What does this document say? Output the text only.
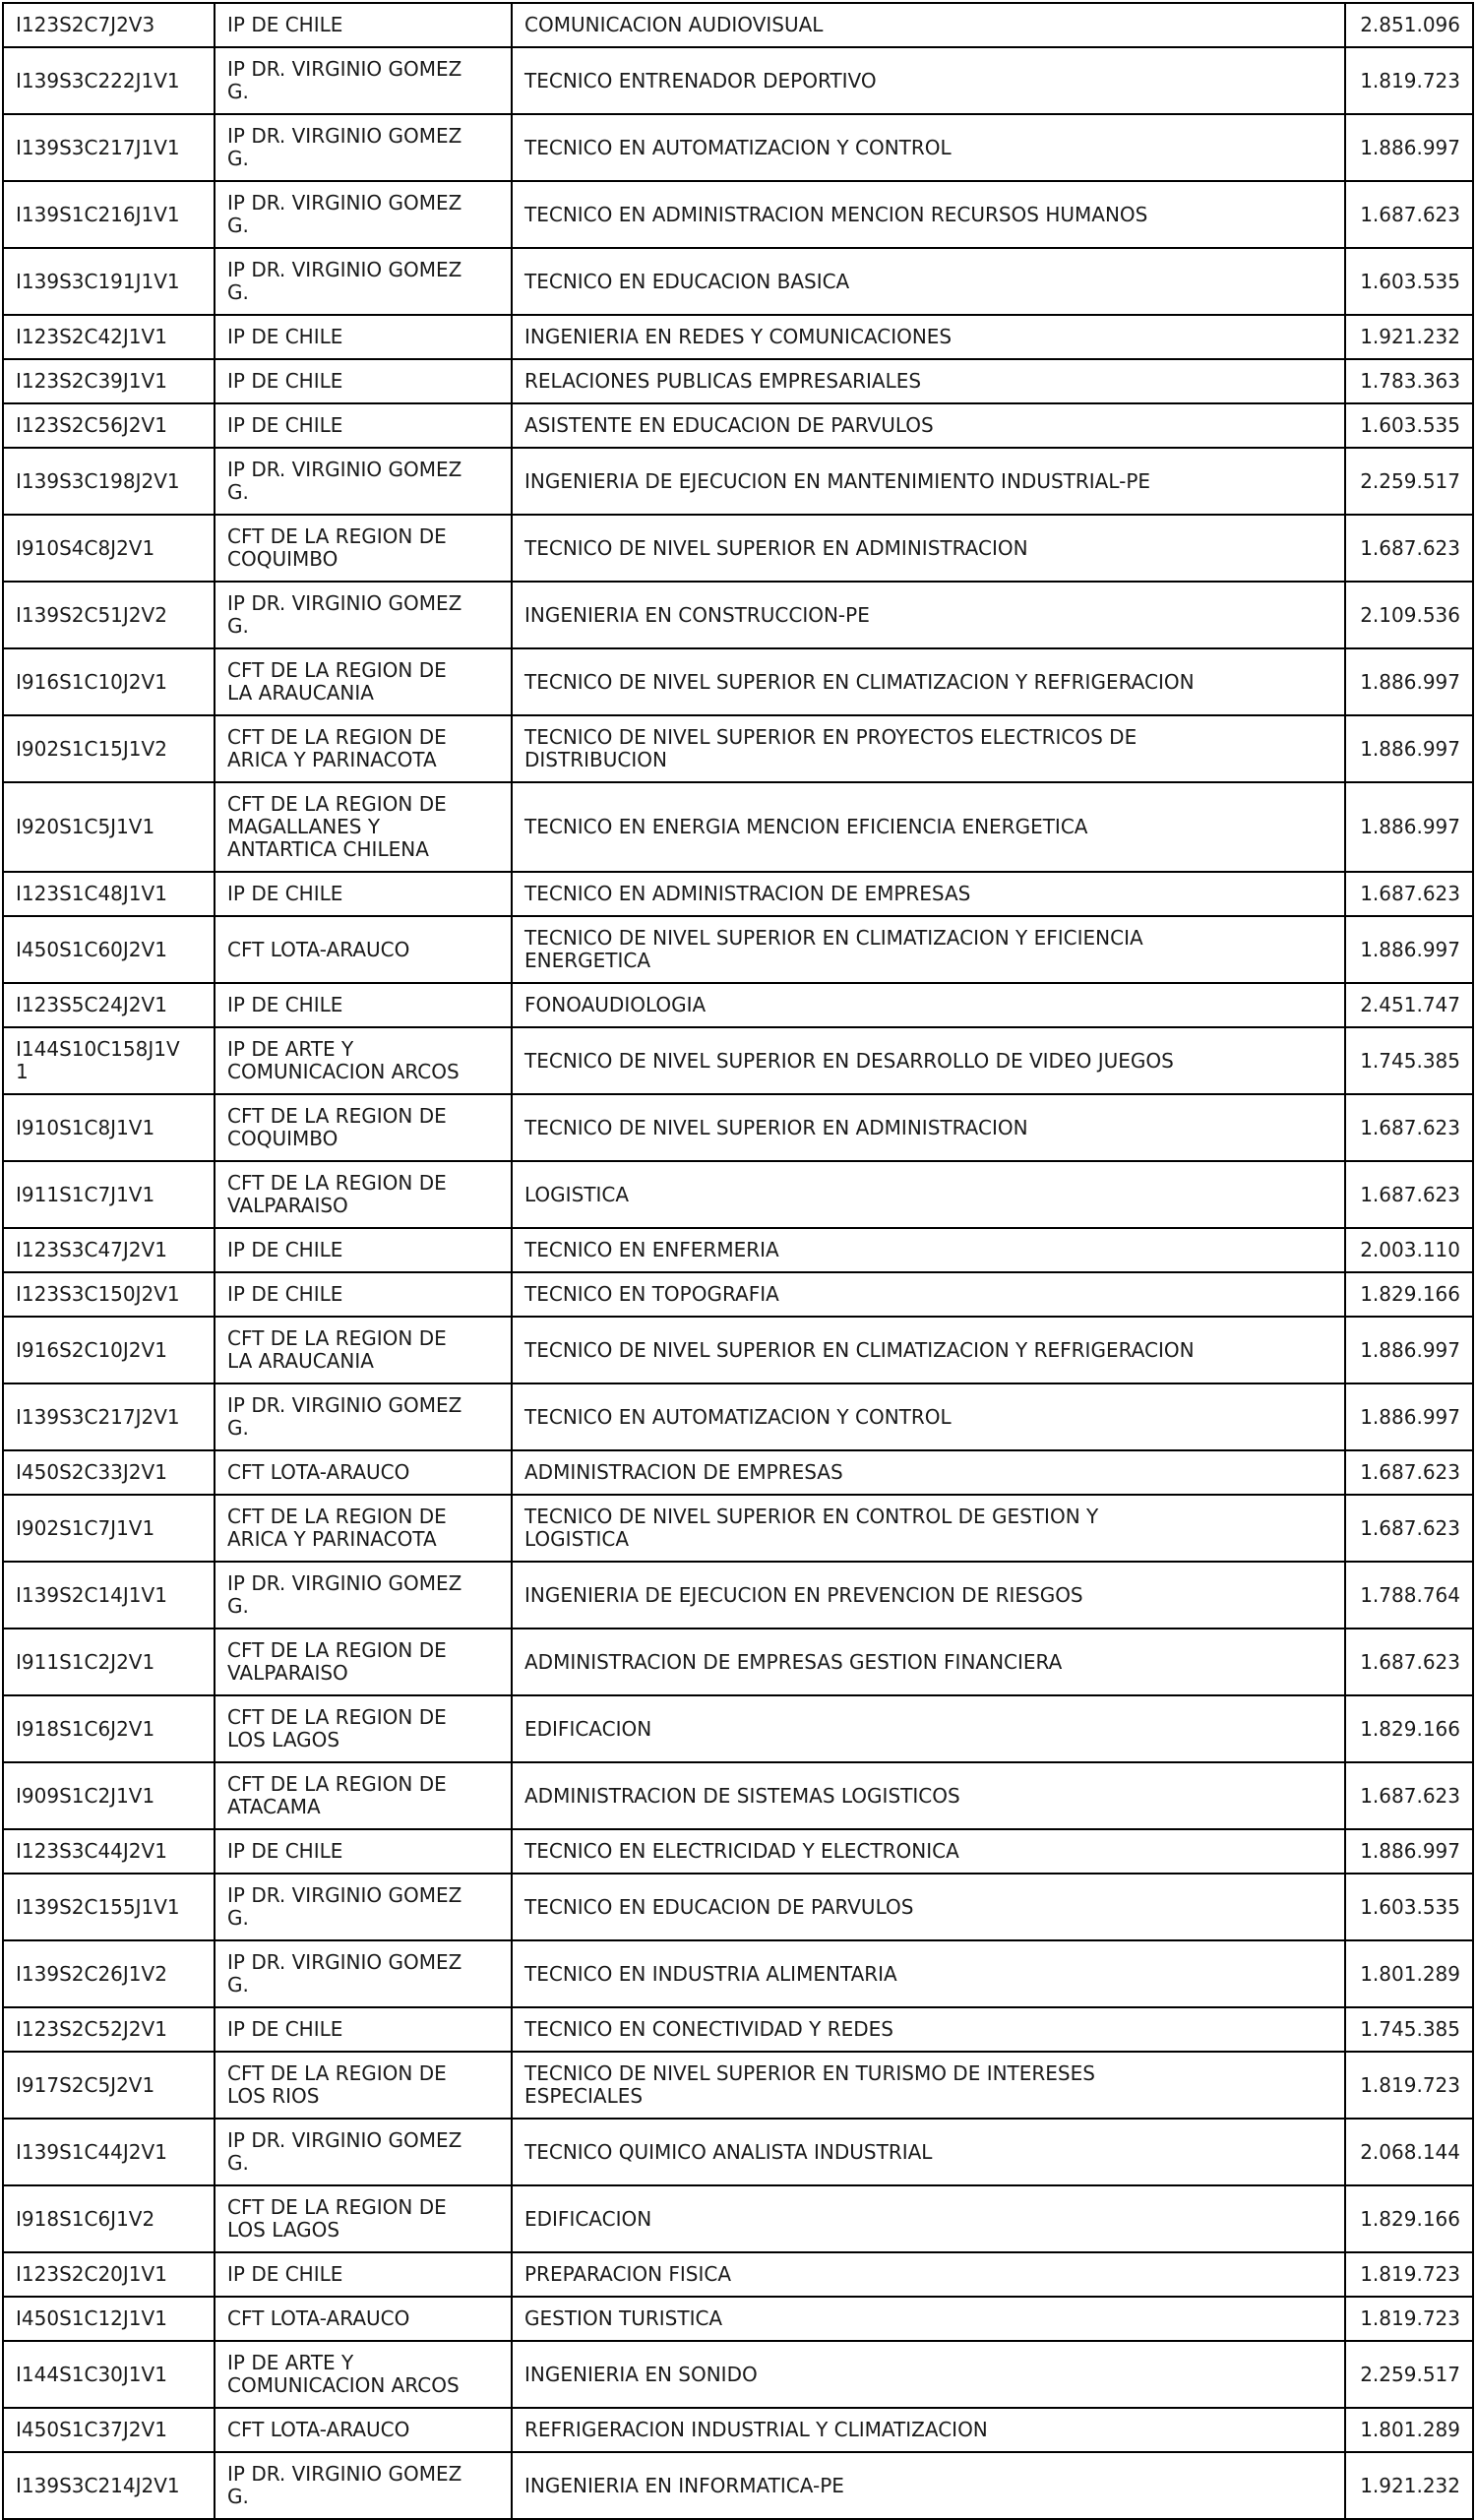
I123S2C7J2V3	IP DE CHILE	COMUNICACION AUDIOVISUAL	2.851.096

I139S3C222J1V1	IP DR. VIRGINIO GOMEZ G.	TECNICO ENTRENADOR DEPORTIVO	1.819.723

I139S3C217J1V1	IP DR. VIRGINIO GOMEZ G.	TECNICO EN AUTOMATIZACION Y CONTROL	1.886.997

I139S1C216J1V1	IP DR. VIRGINIO GOMEZ G.	TECNICO EN ADMINISTRACION MENCION RECURSOS HUMANOS	1.687.623

I139S3C191J1V1	IP DR. VIRGINIO GOMEZ G.	TECNICO EN EDUCACION BASICA	1.603.535

I123S2C42J1V1	IP DE CHILE	INGENIERIA EN REDES Y COMUNICACIONES	1.921.232

I123S2C39J1V1	IP DE CHILE	RELACIONES PUBLICAS EMPRESARIALES	1.783.363

I123S2C56J2V1	IP DE CHILE	ASISTENTE EN EDUCACION DE PARVULOS	1.603.535

I139S3C198J2V1	IP DR. VIRGINIO GOMEZ G.	INGENIERIA DE EJECUCION EN MANTENIMIENTO INDUSTRIAL-PE	2.259.517

I910S4C8J2V1	CFT DE LA REGION DE COQUIMBO	TECNICO DE NIVEL SUPERIOR EN ADMINISTRACION	1.687.623

I139S2C51J2V2	IP DR. VIRGINIO GOMEZ G.	INGENIERIA EN CONSTRUCCION-PE	2.109.536

I916S1C10J2V1	CFT DE LA REGION DE LA ARAUCANIA	TECNICO DE NIVEL SUPERIOR EN CLIMATIZACION Y REFRIGERACION	1.886.997

I902S1C15J1V2	CFT DE LA REGION DE ARICA Y PARINACOTA	TECNICO DE NIVEL SUPERIOR EN PROYECTOS ELECTRICOS DE DISTRIBUCION	1.886.997

I920S1C5J1V1	CFT DE LA REGION DE MAGALLANES Y ANTARTICA CHILENA	TECNICO EN ENERGIA MENCION EFICIENCIA ENERGETICA	1.886.997

I123S1C48J1V1	IP DE CHILE	TECNICO EN ADMINISTRACION DE EMPRESAS	1.687.623

I450S1C60J2V1	CFT LOTA-ARAUCO	TECNICO DE NIVEL SUPERIOR EN CLIMATIZACION Y EFICIENCIA ENERGETICA	1.886.997

I123S5C24J2V1	IP DE CHILE	FONOAUDIOLOGIA	2.451.747

I144S10C158J1V1	IP DE ARTE Y COMUNICACION ARCOS	TECNICO DE NIVEL SUPERIOR EN DESARROLLO DE VIDEO JUEGOS	1.745.385

I910S1C8J1V1	CFT DE LA REGION DE COQUIMBO	TECNICO DE NIVEL SUPERIOR EN ADMINISTRACION	1.687.623

I911S1C7J1V1	CFT DE LA REGION DE VALPARAISO	LOGISTICA	1.687.623

I123S3C47J2V1	IP DE CHILE	TECNICO EN ENFERMERIA	2.003.110

I123S3C150J2V1	IP DE CHILE	TECNICO EN TOPOGRAFIA	1.829.166

I916S2C10J2V1	CFT DE LA REGION DE LA ARAUCANIA	TECNICO DE NIVEL SUPERIOR EN CLIMATIZACION Y REFRIGERACION	1.886.997

I139S3C217J2V1	IP DR. VIRGINIO GOMEZ G.	TECNICO EN AUTOMATIZACION Y CONTROL	1.886.997

I450S2C33J2V1	CFT LOTA-ARAUCO	ADMINISTRACION DE EMPRESAS	1.687.623

I902S1C7J1V1	CFT DE LA REGION DE ARICA Y PARINACOTA	TECNICO DE NIVEL SUPERIOR EN CONTROL DE GESTION Y LOGISTICA	1.687.623

I139S2C14J1V1	IP DR. VIRGINIO GOMEZ G.	INGENIERIA DE EJECUCION EN PREVENCION DE RIESGOS	1.788.764

I911S1C2J2V1	CFT DE LA REGION DE VALPARAISO	ADMINISTRACION DE EMPRESAS GESTION FINANCIERA	1.687.623

I918S1C6J2V1	CFT DE LA REGION DE LOS LAGOS	EDIFICACION	1.829.166

I909S1C2J1V1	CFT DE LA REGION DE ATACAMA	ADMINISTRACION DE SISTEMAS LOGISTICOS	1.687.623

I123S3C44J2V1	IP DE CHILE	TECNICO EN ELECTRICIDAD Y ELECTRONICA	1.886.997

I139S2C155J1V1	IP DR. VIRGINIO GOMEZ G.	TECNICO EN EDUCACION DE PARVULOS	1.603.535

I139S2C26J1V2	IP DR. VIRGINIO GOMEZ G.	TECNICO EN INDUSTRIA ALIMENTARIA	1.801.289

I123S2C52J2V1	IP DE CHILE	TECNICO EN CONECTIVIDAD Y REDES	1.745.385

I917S2C5J2V1	CFT DE LA REGION DE LOS RIOS	TECNICO DE NIVEL SUPERIOR EN TURISMO DE INTERESES ESPECIALES	1.819.723

I139S1C44J2V1	IP DR. VIRGINIO GOMEZ G.	TECNICO QUIMICO ANALISTA INDUSTRIAL	2.068.144

I918S1C6J1V2	CFT DE LA REGION DE LOS LAGOS	EDIFICACION	1.829.166

I123S2C20J1V1	IP DE CHILE	PREPARACION FISICA	1.819.723

I450S1C12J1V1	CFT LOTA-ARAUCO	GESTION TURISTICA	1.819.723

I144S1C30J1V1	IP DE ARTE Y COMUNICACION ARCOS	INGENIERIA EN SONIDO	2.259.517

I450S1C37J2V1	CFT LOTA-ARAUCO	REFRIGERACION INDUSTRIAL Y CLIMATIZACION	1.801.289

I139S3C214J2V1	IP DR. VIRGINIO GOMEZ G.	INGENIERIA EN INFORMATICA-PE	1.921.232
